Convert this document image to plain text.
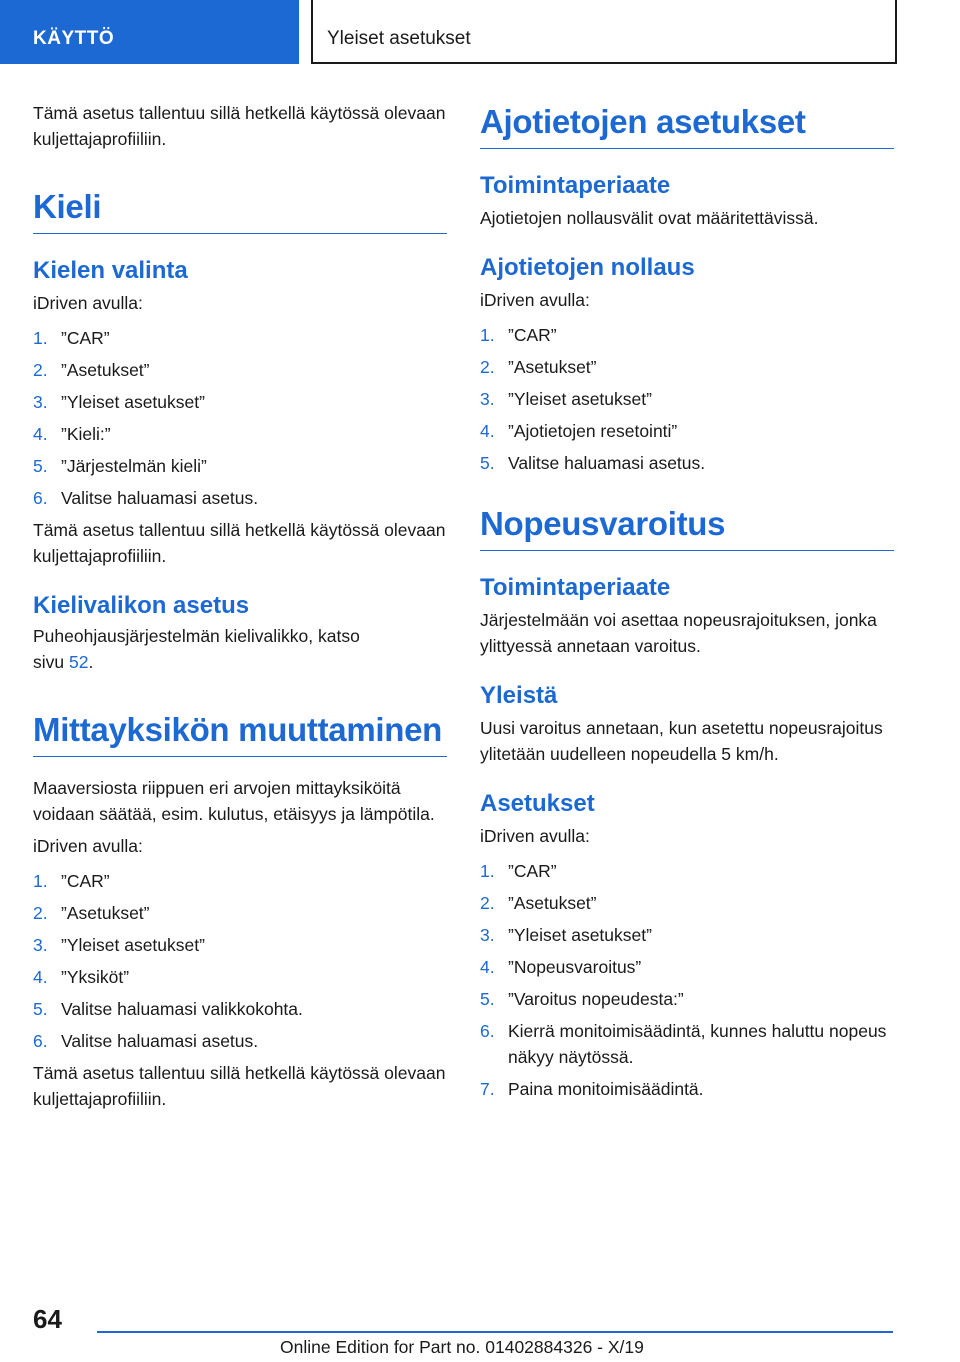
KÄYTTÖ	Yleiset asetukset

Tämä asetus tallentuu sillä hetkellä käytössä olevaan kuljettajaprofiiliin.

Kieli
Kielen valinta

iDriven avulla:

1. ”CAR”
2. ”Asetukset”
3. ”Yleiset asetukset”
4. ”Kieli:”
5. ”Järjestelmän kieli”
6. Valitse haluamasi asetus.

Tämä asetus tallentuu sillä hetkellä käytössä olevaan kuljettajaprofiiliin.

Kielivalikon asetus

Puheohjausjärjestelmän kielivalikko, katso
sivu 52.

Mittayksikön muuttaminen

Maaversiosta riippuen eri arvojen mittayksiköitä voidaan säätää, esim. kulutus, etäisyys ja lämpötila.

iDriven avulla:

1. ”CAR”
2. ”Asetukset”
3. ”Yleiset asetukset”
4. ”Yksiköt”
5. Valitse haluamasi valikkokohta.
6. Valitse haluamasi asetus.

Tämä asetus tallentuu sillä hetkellä käytössä olevaan kuljettajaprofiiliin.

Ajotietojen asetukset
Toimintaperiaate

Ajotietojen nollausvälit ovat määritettävissä.

Ajotietojen nollaus

iDriven avulla:

1. ”CAR”
2. ”Asetukset”
3. ”Yleiset asetukset”
4. ”Ajotietojen resetointi”
5. Valitse haluamasi asetus.
Nopeusvaroitus
Toimintaperiaate

Järjestelmään voi asettaa nopeusrajoituksen, jonka ylittyessä annetaan varoitus.

Yleistä

Uusi varoitus annetaan, kun asetettu nopeusrajoitus ylitetään uudelleen nopeudella 5 km/h.

Asetukset

iDriven avulla:

1. ”CAR”
2. ”Asetukset”
3. ”Yleiset asetukset”
4. ”Nopeusvaroitus”
5. ”Varoitus nopeudesta:”
6. Kierrä monitoimisäädintä, kunnes haluttu nopeus näkyy näytössä.
7. Paina monitoimisäädintä.
64
Online Edition for Part no. 01402884326 - X/19
